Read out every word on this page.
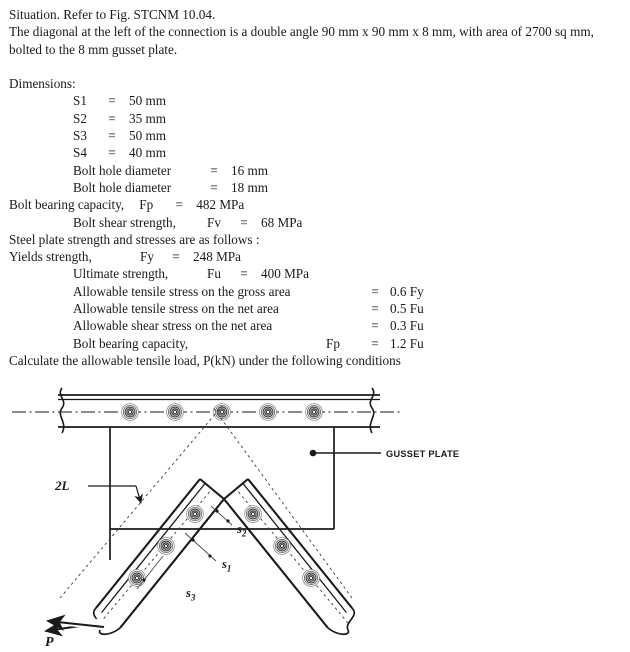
Situation. Refer to Fig. STCNM 10.04.
The diagonal at the left of the connection is a double angle 90 mm x 90 mm x 8 mm, with area of 2700 sq mm, bolted to the 8 mm gusset plate.
Dimensions:
S1	=	50 mm
S2	=	35 mm
S3	=	50 mm
S4	=	40 mm
Bolt hole diameter	=	16 mm
Bolt hole diameter	=	18 mm
Bolt bearing capacity,	Fp	=	482 MPa
Bolt shear strength,	Fv	=	68 MPa
Steel plate strength and stresses are as follows :
Yields strength,	Fy	=	248 MPa
Ultimate strength,	Fu	=	400 MPa
Allowable tensile stress on the gross area	= 0.6 Fy
Allowable tensile stress on the net area	= 0.5 Fu
Allowable shear stress on the net area	= 0.3 Fu
Bolt bearing capacity,	Fp	= 1.2 Fu
Calculate the allowable tensile load, P(kN) under the following conditions
$s_2$
$s_1$
$s_3$
2L
GUSSET PLATE
P
